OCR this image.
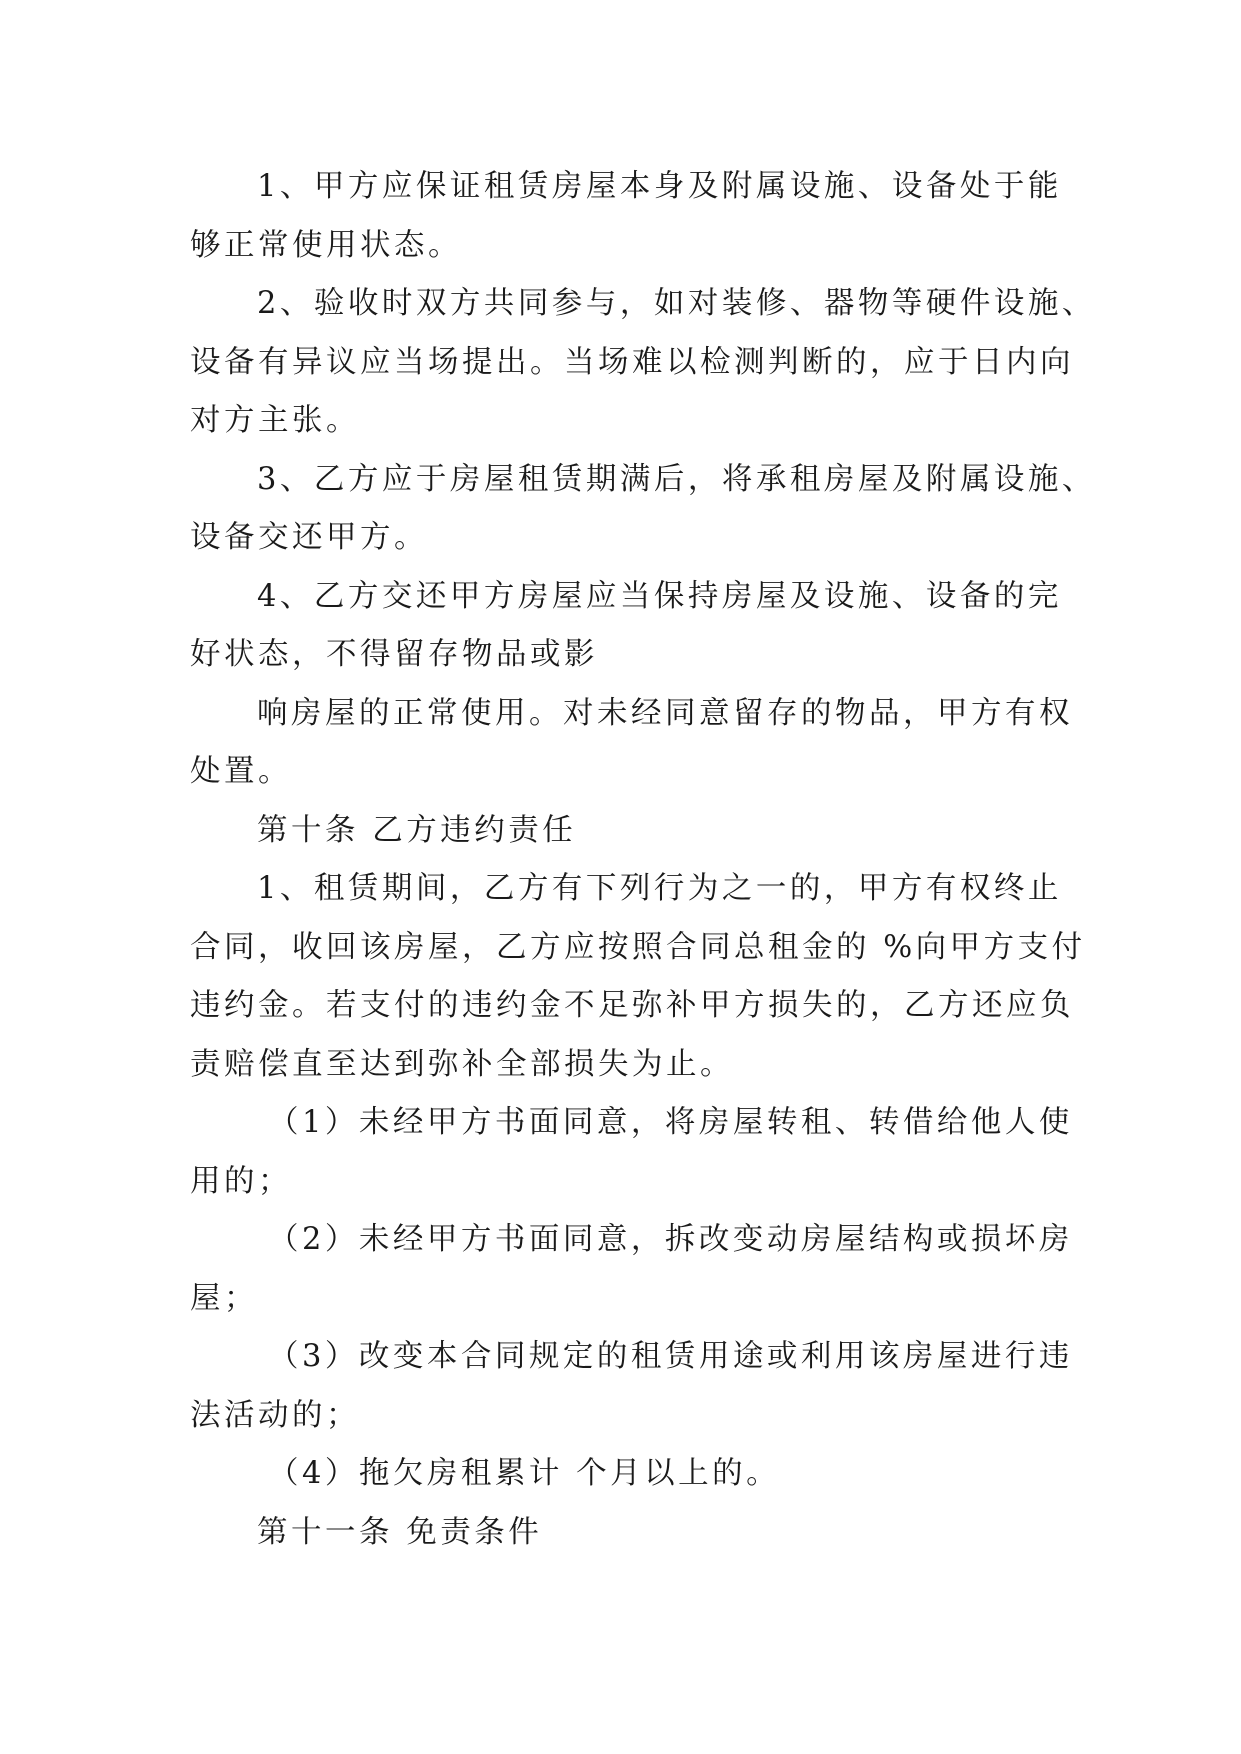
1、甲方应保证租赁房屋本身及附属设施、设备处于能
够正常使用状态。
2、验收时双方共同参与，如对装修、器物等硬件设施、
设备有异议应当场提出。当场难以检测判断的，应于日内向
对方主张。
3、乙方应于房屋租赁期满后，将承租房屋及附属设施、
设备交还甲方。
4、乙方交还甲方房屋应当保持房屋及设施、设备的完
好状态，不得留存物品或影
响房屋的正常使用。对未经同意留存的物品，甲方有权
处置。
第十条 乙方违约责任
1、租赁期间，乙方有下列行为之一的，甲方有权终止
合同，收回该房屋，乙方应按照合同总租金的 %向甲方支付
违约金。若支付的违约金不足弥补甲方损失的，乙方还应负
责赔偿直至达到弥补全部损失为止。
（1）未经甲方书面同意，将房屋转租、转借给他人使
用的；
（2）未经甲方书面同意，拆改变动房屋结构或损坏房
屋；
（3）改变本合同规定的租赁用途或利用该房屋进行违
法活动的；
（4）拖欠房租累计 个月以上的。
第十一条 免责条件
